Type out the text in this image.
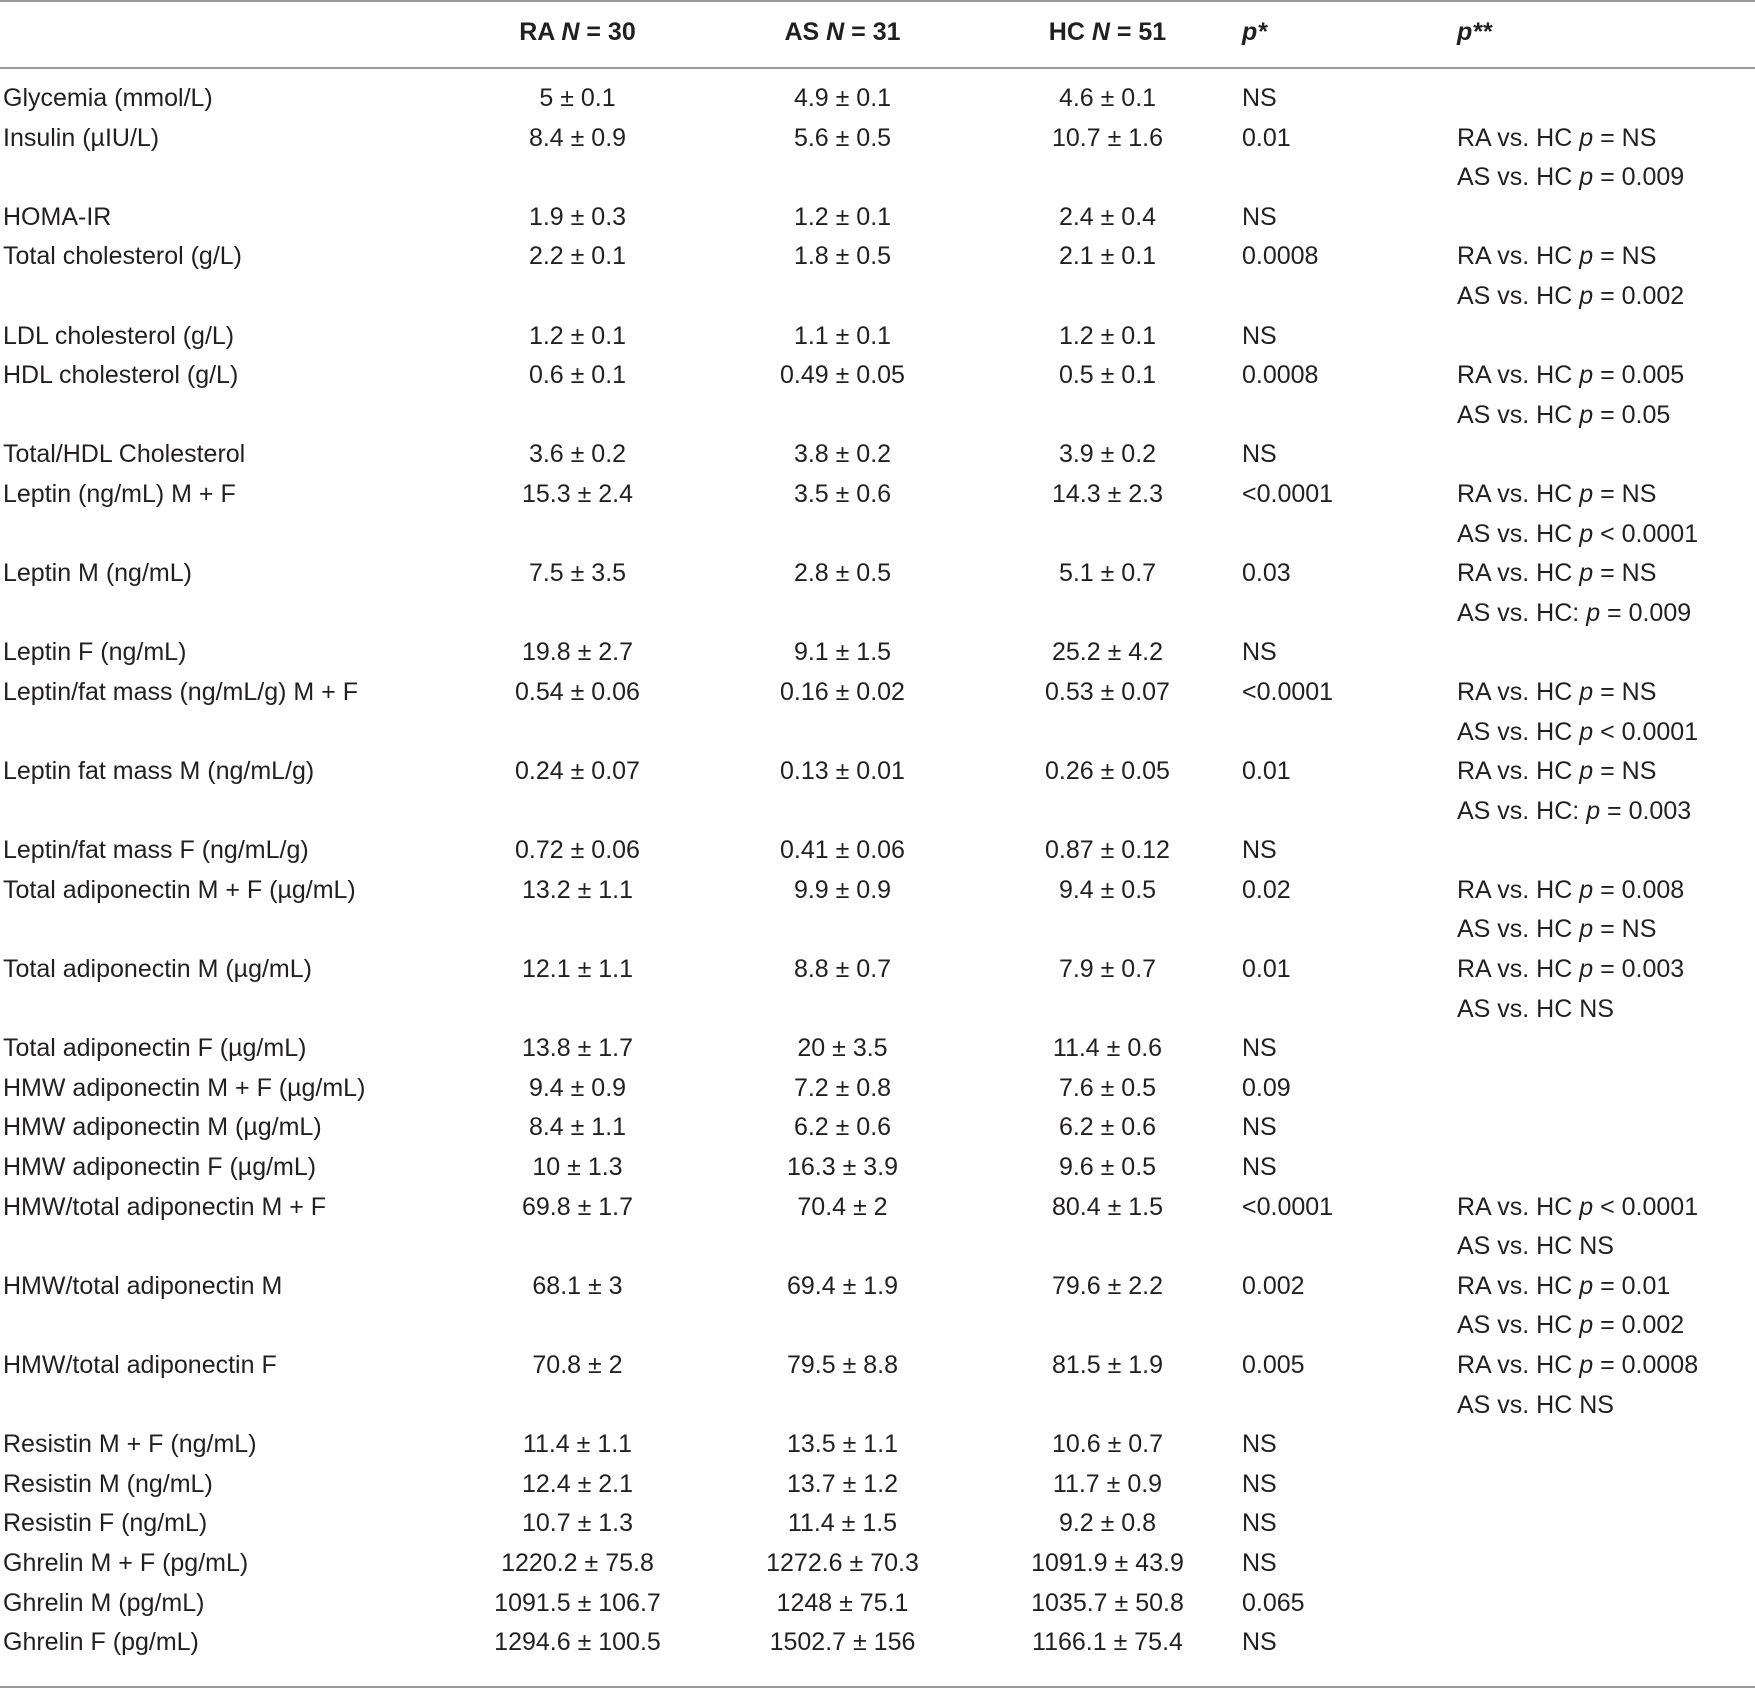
	RA N = 30	AS N = 31	HC N = 51	p*	p**

Glycemia (mmol/L)	5 ± 0.1	4.9 ± 0.1	4.6 ± 0.1	NS	
Insulin (µIU/L)	8.4 ± 0.9	5.6 ± 0.5	10.7 ± 1.6	0.01	RA vs. HC p = NS
					AS vs. HC p = 0.009
HOMA-IR	1.9 ± 0.3	1.2 ± 0.1	2.4 ± 0.4	NS	
Total cholesterol (g/L)	2.2 ± 0.1	1.8 ± 0.5	2.1 ± 0.1	0.0008	RA vs. HC p = NS
					AS vs. HC p = 0.002
LDL cholesterol (g/L)	1.2 ± 0.1	1.1 ± 0.1	1.2 ± 0.1	NS	
HDL cholesterol (g/L)	0.6 ± 0.1	0.49 ± 0.05	0.5 ± 0.1	0.0008	RA vs. HC p = 0.005
					AS vs. HC p = 0.05
Total/HDL Cholesterol	3.6 ± 0.2	3.8 ± 0.2	3.9 ± 0.2	NS	
Leptin (ng/mL) M + F	15.3 ± 2.4	3.5 ± 0.6	14.3 ± 2.3	<0.0001	RA vs. HC p = NS
					AS vs. HC p < 0.0001
Leptin M (ng/mL)	7.5 ± 3.5	2.8 ± 0.5	5.1 ± 0.7	0.03	RA vs. HC p = NS
					AS vs. HC: p = 0.009
Leptin F (ng/mL)	19.8 ± 2.7	9.1 ± 1.5	25.2 ± 4.2	NS	
Leptin/fat mass (ng/mL/g) M + F	0.54 ± 0.06	0.16 ± 0.02	0.53 ± 0.07	<0.0001	RA vs. HC p = NS
					AS vs. HC p < 0.0001
Leptin fat mass M (ng/mL/g)	0.24 ± 0.07	0.13 ± 0.01	0.26 ± 0.05	0.01	RA vs. HC p = NS
					AS vs. HC: p = 0.003
Leptin/fat mass F (ng/mL/g)	0.72 ± 0.06	0.41 ± 0.06	0.87 ± 0.12	NS	
Total adiponectin M + F (µg/mL)	13.2 ± 1.1	9.9 ± 0.9	9.4 ± 0.5	0.02	RA vs. HC p = 0.008
					AS vs. HC p = NS
Total adiponectin M (µg/mL)	12.1 ± 1.1	8.8 ± 0.7	7.9 ± 0.7	0.01	RA vs. HC p = 0.003
					AS vs. HC NS
Total adiponectin F (µg/mL)	13.8 ± 1.7	20 ± 3.5	11.4 ± 0.6	NS	
HMW adiponectin M + F (µg/mL)	9.4 ± 0.9	7.2 ± 0.8	7.6 ± 0.5	0.09	
HMW adiponectin M (µg/mL)	8.4 ± 1.1	6.2 ± 0.6	6.2 ± 0.6	NS	
HMW adiponectin F (µg/mL)	10 ± 1.3	16.3 ± 3.9	9.6 ± 0.5	NS	
HMW/total adiponectin M + F	69.8 ± 1.7	70.4 ± 2	80.4 ± 1.5	<0.0001	RA vs. HC p < 0.0001
					AS vs. HC NS
HMW/total adiponectin M	68.1 ± 3	69.4 ± 1.9	79.6 ± 2.2	0.002	RA vs. HC p = 0.01
					AS vs. HC p = 0.002
HMW/total adiponectin F	70.8 ± 2	79.5 ± 8.8	81.5 ± 1.9	0.005	RA vs. HC p = 0.0008
					AS vs. HC NS
Resistin M + F (ng/mL)	11.4 ± 1.1	13.5 ± 1.1	10.6 ± 0.7	NS	
Resistin M (ng/mL)	12.4 ± 2.1	13.7 ± 1.2	11.7 ± 0.9	NS	
Resistin F (ng/mL)	10.7 ± 1.3	11.4 ± 1.5	9.2 ± 0.8	NS	
Ghrelin M + F (pg/mL)	1220.2 ± 75.8	1272.6 ± 70.3	1091.9 ± 43.9	NS	
Ghrelin M (pg/mL)	1091.5 ± 106.7	1248 ± 75.1	1035.7 ± 50.8	0.065	
Ghrelin F (pg/mL)	1294.6 ± 100.5	1502.7 ± 156	1166.1 ± 75.4	NS	
